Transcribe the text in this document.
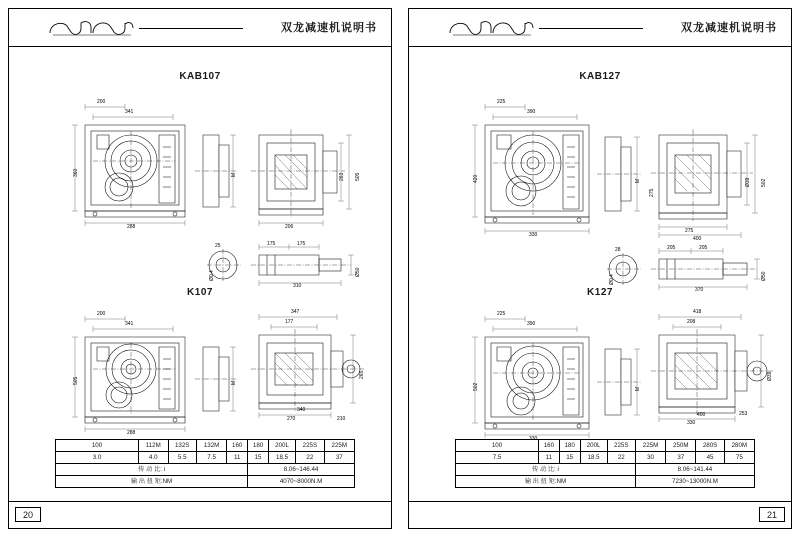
双龙减速机说明书
KAB107
200
341
360
288
M	505
263
206
25	175	175
Ø0.4	Ø50
310
K107
200
341
505
288
M
347
177
265
270	210
340
100	112M	132S	132M	160	180	200L	225S	225M
3.0	4.0	5.5	7.5	11	15	18.5	22	37
传 动 比: i					8.06~146.44			
输 出 扭 矩:NM					4070~8000N.M			
20
双龙减速机说明书
KAB127
225
390
420
330
M	502
Ø39
275
275
400
28	205	205
Ø0.4	Ø50
370
K127
225
390
502
330
M
418
208
Ø39
330
253
400
100	160	180	200L	225S	225M	250M	280S	280M
7.5	11	15	18.5	22	30	37	45	75
传 动 比: i					8.06~141.44			
输 出 扭 矩:NM					7230~13000N.M			
21
